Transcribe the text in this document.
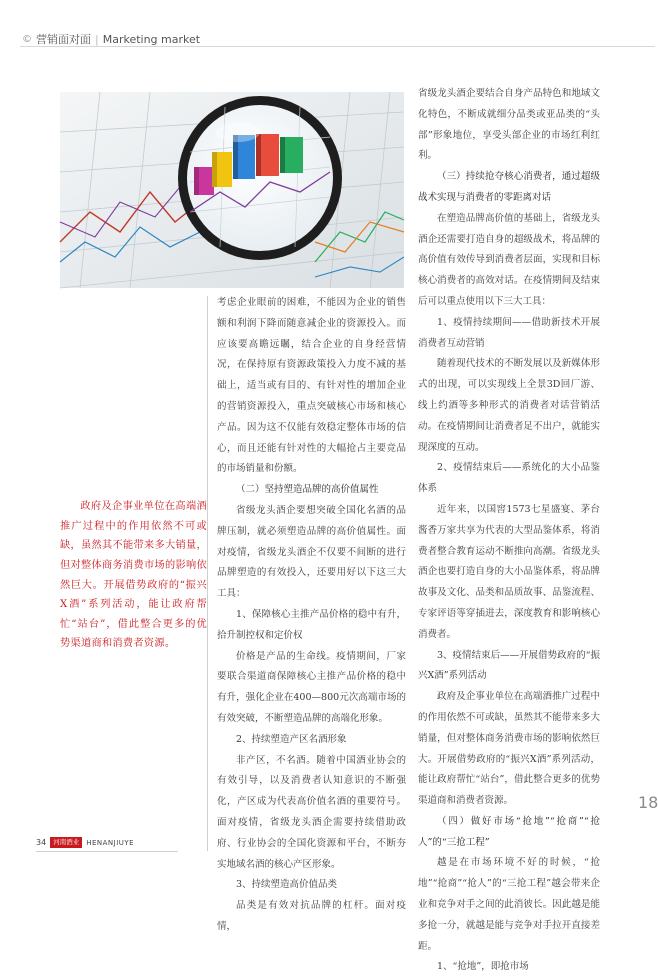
© 营销面对面 | Marketing market

政府及企事业单位在高端酒推广过程中的作用依然不可或缺，虽然其不能带来多大销量，但对整体商务消费市场的影响依然巨大。开展借势政府的“振兴X酒”系列活动，能让政府帮忙“站台”，借此整合更多的优势渠道商和消费者资源。

考虑企业眼前的困难，不能因为企业的销售额和利润下降而随意减企业的资源投入。而应该要高瞻远瞩，结合企业的自身经营情况，在保持原有资源政策投入力度不减的基础上，适当或有目的、有针对性的增加企业的营销资源投入，重点突破核心市场和核心产品。因为这不仅能有效稳定整体市场的信心，而且还能有针对性的大幅抢占主要竞品的市场销量和份额。

（二）坚持塑造品牌的高价值属性

省级龙头酒企要想突破全国化名酒的品牌压制，就必须塑造品牌的高价值属性。面对疫情，省级龙头酒企不仅要不间断的进行品牌塑造的有效投入，还要用好以下这三大工具：

1、保障核心主推产品价格的稳中有升，拾升制控权和定价权

价格是产品的生命线。疫情期间，厂家要联合渠道商保障核心主推产品价格的稳中有升，强化企业在400—800元次高端市场的有效突破，不断塑造品牌的高端化形象。

2、持续塑造产区名酒形象

非产区，不名酒。随着中国酒业协会的有效引导，以及消费者认知意识的不断强化，产区成为代表高价值名酒的重要符号。面对疫情，省级龙头酒企需要持续借助政府、行业协会的全国化资源和平台，不断夯实地域名酒的核心产区形象。

3、持续塑造高价值品类

品类是有效对抗品牌的杠杆。面对疫情，

省级龙头酒企要结合自身产品特色和地域文化特色，不断成就细分品类或亚品类的“头部”形象地位，享受头部企业的市场红利红利。

（三）持续抢夺核心消费者，通过超级战术实现与消费者的零距离对话

在塑造品牌高价值的基础上，省级龙头酒企还需要打造自身的超级战术，将品牌的高价值有效传导到消费者层面，实现和目标核心消费者的高效对话。在疫情期间及结束后可以重点使用以下三大工具：

1、疫情持续期间——借助新技术开展消费者互动营销

随着现代技术的不断发展以及新媒体形式的出现，可以实现线上全景3D回厂游、线上约酒等多种形式的消费者对话营销活动。在疫情期间让消费者足不出户，就能实现深度的互动。

2、疫情结束后——系统化的大小品鉴体系

近年来，以国窖1573七星盛宴、茅台酱香万家共享为代表的大型品鉴体系，将消费者整合教育运动不断推向高潮。省级龙头酒企也要打造自身的大小品鉴体系，将品牌故事及文化、品类和品质故事、品鉴流程、专家评语等穿插进去，深度教育和影响核心消费者。

3、疫情结束后——开展借势政府的“振兴X酒”系列活动

政府及企事业单位在高端酒推广过程中的作用依然不可或缺，虽然其不能带来多大销量，但对整体商务消费市场的影响依然巨大。开展借势政府的“振兴X酒”系列活动，能让政府帮忙“站台”，借此整合更多的优势渠道商和消费者资源。

（四）做好市场“抢地”“抢商”“抢人”的“三抢工程”

越是在市场环境不好的时候，“抢地”“抢商”“抢人”的“三抢工程”越会带来企业和竞争对手之间的此消彼长。因此越是能多抢一分，就越是能与竞争对手拉开直接差距。

1、“抢地”，即抢市场

18
34	河南酒业	HENANJIUYE
